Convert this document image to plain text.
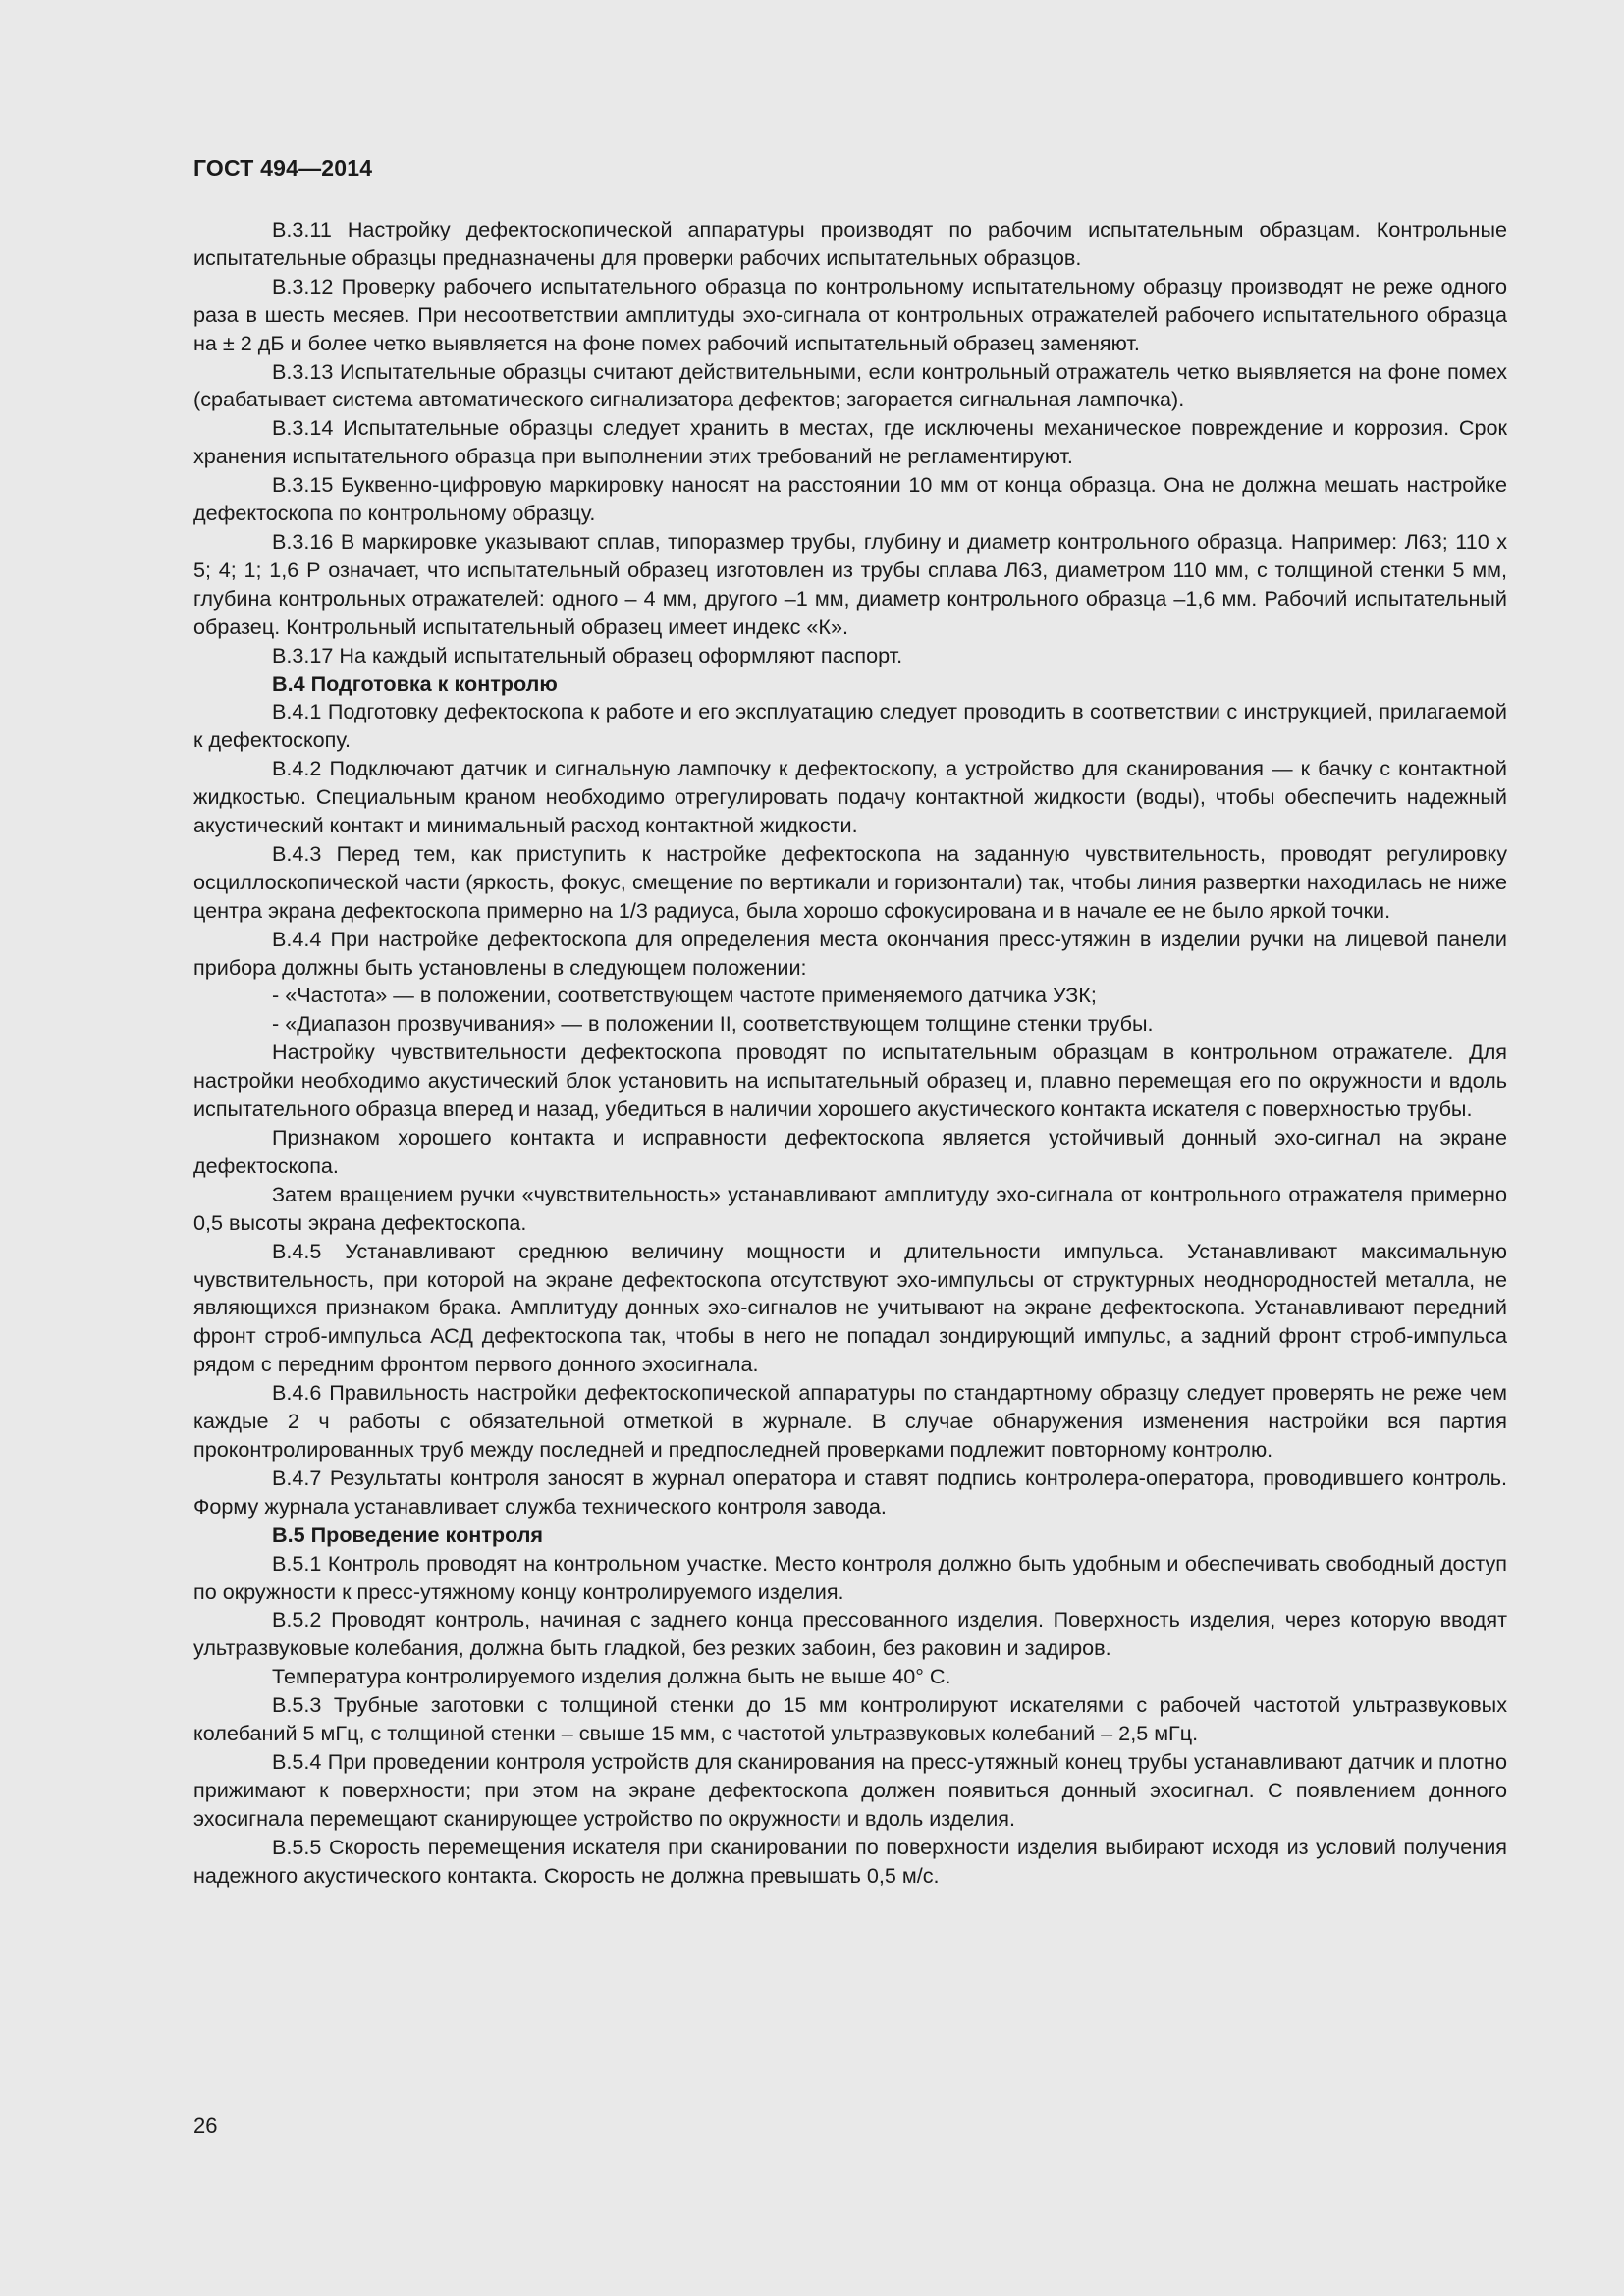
ГОСТ 494—2014

В.3.11 Настройку дефектоскопической аппаратуры производят по рабочим испытательным образцам. Контрольные испытательные образцы предназначены для проверки рабочих испытательных образцов.

В.3.12 Проверку рабочего испытательного образца по контрольному испытательному образцу производят не реже одного раза в шесть месяев. При несоответствии амплитуды эхо-сигнала от контрольных отражателей рабочего испытательного образца на ± 2 дБ и более четко выявляется на фоне помех рабочий испытательный образец заменяют.

В.3.13 Испытательные образцы считают действительными, если контрольный отражатель четко выявляется на фоне помех (срабатывает система автоматического сигнализатора дефектов; загорается сигнальная лампочка).

В.3.14 Испытательные образцы следует хранить в местах, где исключены механическое повреждение и коррозия. Срок хранения испытательного образца при выполнении этих требований не регламентируют.

В.3.15 Буквенно-цифровую маркировку наносят на расстоянии 10 мм от конца образца. Она не должна мешать настройке дефектоскопа по контрольному образцу.

В.3.16 В маркировке указывают сплав, типоразмер трубы, глубину и диаметр контрольного образца. Например: Л63; 110 х 5; 4; 1; 1,6 Р означает, что испытательный образец изготовлен из трубы сплава Л63, диаметром 110 мм, с толщиной стенки 5 мм, глубина контрольных отражателей: одного – 4 мм, другого –1 мм, диаметр контрольного образца –1,6 мм. Рабочий испытательный образец. Контрольный испытательный образец имеет индекс «К».

В.3.17 На каждый испытательный образец оформляют паспорт.

В.4 Подготовка к контролю

В.4.1 Подготовку дефектоскопа к работе и его эксплуатацию следует проводить в соответствии с инструкцией, прилагаемой к дефектоскопу.

В.4.2 Подключают датчик и сигнальную лампочку к дефектоскопу, а устройство для сканирования — к бачку с контактной жидкостью. Специальным краном необходимо отрегулировать подачу контактной жидкости (воды), чтобы обеспечить надежный акустический контакт и минимальный расход контактной жидкости.

В.4.3 Перед тем, как приступить к настройке дефектоскопа на заданную чувствительность, проводят регулировку осциллоскопической части (яркость, фокус, смещение по вертикали и горизонтали) так, чтобы линия развертки находилась не ниже центра экрана дефектоскопа примерно на 1/3 радиуса, была хорошо сфокусирована и в начале ее не было яркой точки.

В.4.4 При настройке дефектоскопа для определения места окончания пресс-утяжин в изделии ручки на лицевой панели прибора должны быть установлены в следующем положении:

- «Частота» — в положении, соответствующем частоте применяемого датчика УЗК;

- «Диапазон прозвучивания» — в положении II, соответствующем толщине стенки трубы.

Настройку чувствительности дефектоскопа проводят по испытательным образцам в контрольном отражателе. Для настройки необходимо акустический блок установить на испытательный образец и, плавно перемещая его по окружности и вдоль испытательного образца вперед и назад, убедиться в наличии хорошего акустического контакта искателя с поверхностью трубы.

Признаком хорошего контакта и исправности дефектоскопа является устойчивый донный эхо-сигнал на экране дефектоскопа.

Затем вращением ручки «чувствительность» устанавливают амплитуду эхо-сигнала от контрольного отражателя примерно 0,5 высоты экрана дефектоскопа.

В.4.5 Устанавливают среднюю величину мощности и длительности импульса. Устанавливают максимальную чувствительность, при которой на экране дефектоскопа отсутствуют эхо-импульсы от структурных неоднородностей металла, не являющихся признаком брака. Амплитуду донных эхо-сигналов не учитывают на экране дефектоскопа. Устанавливают передний фронт строб-импульса АСД дефектоскопа так, чтобы в него не попадал зондирующий импульс, а задний фронт строб-импульса рядом с передним фронтом первого донного эхосигнала.

В.4.6 Правильность настройки дефектоскопической аппаратуры по стандартному образцу следует проверять не реже чем каждые 2 ч работы с обязательной отметкой в журнале. В случае обнаружения изменения настройки вся партия проконтролированных труб между последней и предпоследней проверками подлежит повторному контролю.

В.4.7 Результаты контроля заносят в журнал оператора и ставят подпись контролера-оператора, проводившего контроль. Форму журнала устанавливает служба технического контроля завода.

В.5 Проведение контроля

В.5.1 Контроль проводят на контрольном участке. Место контроля должно быть удобным и обеспечивать свободный доступ по окружности к пресс-утяжному концу контролируемого изделия.

В.5.2 Проводят контроль, начиная с заднего конца прессованного изделия. Поверхность изделия, через которую вводят ультразвуковые колебания, должна быть гладкой, без резких забоин, без раковин и задиров.

Температура контролируемого изделия должна быть не выше 40° С.

В.5.3 Трубные заготовки с толщиной стенки до 15 мм контролируют искателями с рабочей частотой ультразвуковых колебаний 5 мГц, с толщиной стенки – свыше 15 мм, с частотой ультразвуковых колебаний – 2,5 мГц.

В.5.4 При проведении контроля устройств для сканирования на пресс-утяжный конец трубы устанавливают датчик и плотно прижимают к поверхности; при этом на экране дефектоскопа должен появиться донный эхосигнал. С появлением донного эхосигнала перемещают сканирующее устройство по окружности и вдоль изделия.

В.5.5 Скорость перемещения искателя при сканировании по поверхности изделия выбирают исходя из условий получения надежного акустического контакта. Скорость не должна превышать 0,5 м/с.

26
